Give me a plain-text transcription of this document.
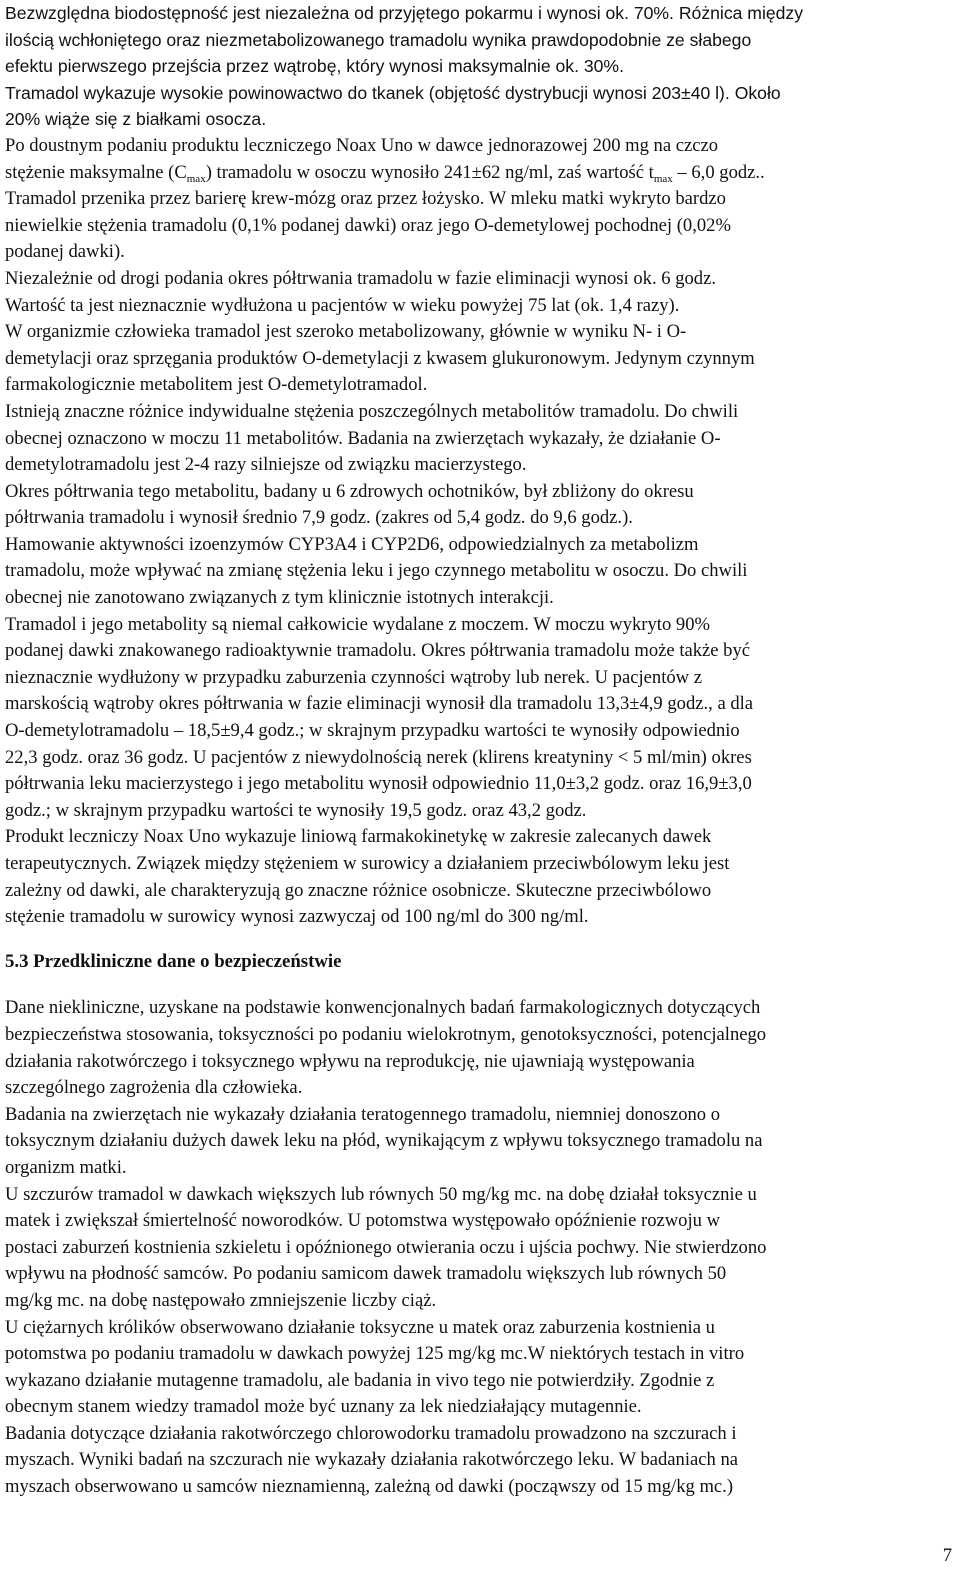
Bezwzględna biodostępność jest niezależna od przyjętego pokarmu i wynosi ok. 70%. Różnica między
ilością wchłoniętego oraz niezmetabolizowanego tramadolu wynika prawdopodobnie ze słabego
efektu pierwszego przejścia przez wątrobę, który wynosi maksymalnie ok. 30%.
Tramadol wykazuje wysokie powinowactwo do tkanek (objętość dystrybucji wynosi 203±40 l). Około
20% wiąże się z białkami osocza.
Po doustnym podaniu produktu leczniczego Noax Uno w dawce jednorazowej 200 mg na czczo
stężenie maksymalne $(C_{max})$ tramadolu w osoczu wynosiło 241±62 ng/ml, zaś wartość $t_{max} - 6,0$ godz..
Tramadol przenika przez barierę krew-mózg oraz przez łożysko. W mleku matki wykryto bardzo
niewielkie stężenia tramadolu (0,1% podanej dawki) oraz jego O-demetylowej pochodnej (0,02%
podanej dawki).
Niezależnie od drogi podania okres półtrwania tramadolu w fazie eliminacji wynosi ok. 6 godz.
Wartość ta jest nieznacznie wydłużona u pacjentów w wieku powyżej 75 lat (ok. 1,4 razy).
W organizmie człowieka tramadol jest szeroko metabolizowany, głównie w wyniku N- i O-
demetylacji oraz sprzęgania produktów O-demetylacji z kwasem glukuronowym. Jedynym czynnym
farmakologicznie metabolitem jest O-demetylotramadol.
Istnieją znaczne różnice indywidualne stężenia poszczególnych metabolitów tramadolu. Do chwili
obecnej oznaczono w moczu 11 metabolitów. Badania na zwierzętach wykazały, że działanie O-
demetylotramadolu jest 2-4 razy silniejsze od związku macierzystego.
Okres półtrwania tego metabolitu, badany u 6 zdrowych ochotników, był zbliżony do okresu
półtrwania tramadolu i wynosił średnio 7,9 godz. (zakres od 5,4 godz. do 9,6 godz.).
Hamowanie aktywności izoenzymów CYP3A4 i CYP2D6, odpowiedzialnych za metabolizm
tramadolu, może wpływać na zmianę stężenia leku i jego czynnego metabolitu w osoczu. Do chwili
obecnej nie zanotowano związanych z tym klinicznie istotnych interakcji.
Tramadol i jego metabolity są niemal całkowicie wydalane z moczem. W moczu wykryto 90%
podanej dawki znakowanego radioaktywnie tramadolu. Okres półtrwania tramadolu może także być
nieznacznie wydłużony w przypadku zaburzenia czynności wątroby lub nerek. U pacjentów z
marskością wątroby okres półtrwania w fazie eliminacji wynosił dla tramadolu 13,3±4,9 godz., a dla
O-demetylotramadolu – 18,5±9,4 godz.; w skrajnym przypadku wartości te wynosiły odpowiednio
22,3 godz. oraz 36 godz. U pacjentów z niewydolnością nerek (klirens kreatyniny < 5 ml/min) okres
półtrwania leku macierzystego i jego metabolitu wynosił odpowiednio 11,0±3,2 godz. oraz 16,9±3,0
godz.; w skrajnym przypadku wartości te wynosiły 19,5 godz. oraz 43,2 godz.
Produkt leczniczy Noax Uno wykazuje liniową farmakokinetykę w zakresie zalecanych dawek
terapeutycznych. Związek między stężeniem w surowicy a działaniem przeciwbólowym leku jest
zależny od dawki, ale charakteryzują go znaczne różnice osobnicze. Skuteczne przeciwbólowo
stężenie tramadolu w surowicy wynosi zazwyczaj od 100 ng/ml do 300 ng/ml.

5.3 Przedkliniczne dane o bezpieczeństwie

Dane niekliniczne, uzyskane na podstawie konwencjonalnych badań farmakologicznych dotyczących
bezpieczeństwa stosowania, toksyczności po podaniu wielokrotnym, genotoksyczności, potencjalnego
działania rakotwórczego i toksycznego wpływu na reprodukcję, nie ujawniają występowania
szczególnego zagrożenia dla człowieka.
Badania na zwierzętach nie wykazały działania teratogennego tramadolu, niemniej donoszono o
toksycznym działaniu dużych dawek leku na płód, wynikającym z wpływu toksycznego tramadolu na
organizm matki.
U szczurów tramadol w dawkach większych lub równych 50 mg/kg mc. na dobę działał toksycznie u
matek i zwiększał śmiertelność noworodków. U potomstwa występowało opóźnienie rozwoju w
postaci zaburzeń kostnienia szkieletu i opóźnionego otwierania oczu i ujścia pochwy. Nie stwierdzono
wpływu na płodność samców. Po podaniu samicom dawek tramadolu większych lub równych 50
mg/kg mc. na dobę następowało zmniejszenie liczby ciąż.
U ciężarnych królików obserwowano działanie toksyczne u matek oraz zaburzenia kostnienia u
potomstwa po podaniu tramadolu w dawkach powyżej 125 mg/kg mc.W niektórych testach in vitro
wykazano działanie mutagenne tramadolu, ale badania in vivo tego nie potwierdziły. Zgodnie z
obecnym stanem wiedzy tramadol może być uznany za lek niedziałający mutagennie.
Badania dotyczące działania rakotwórczego chlorowodorku tramadolu prowadzono na szczurach i
myszach. Wyniki badań na szczurach nie wykazały działania rakotwórczego leku. W badaniach na
myszach obserwowano u samców nieznamienną, zależną od dawki (począwszy od 15 mg/kg mc.)

7
